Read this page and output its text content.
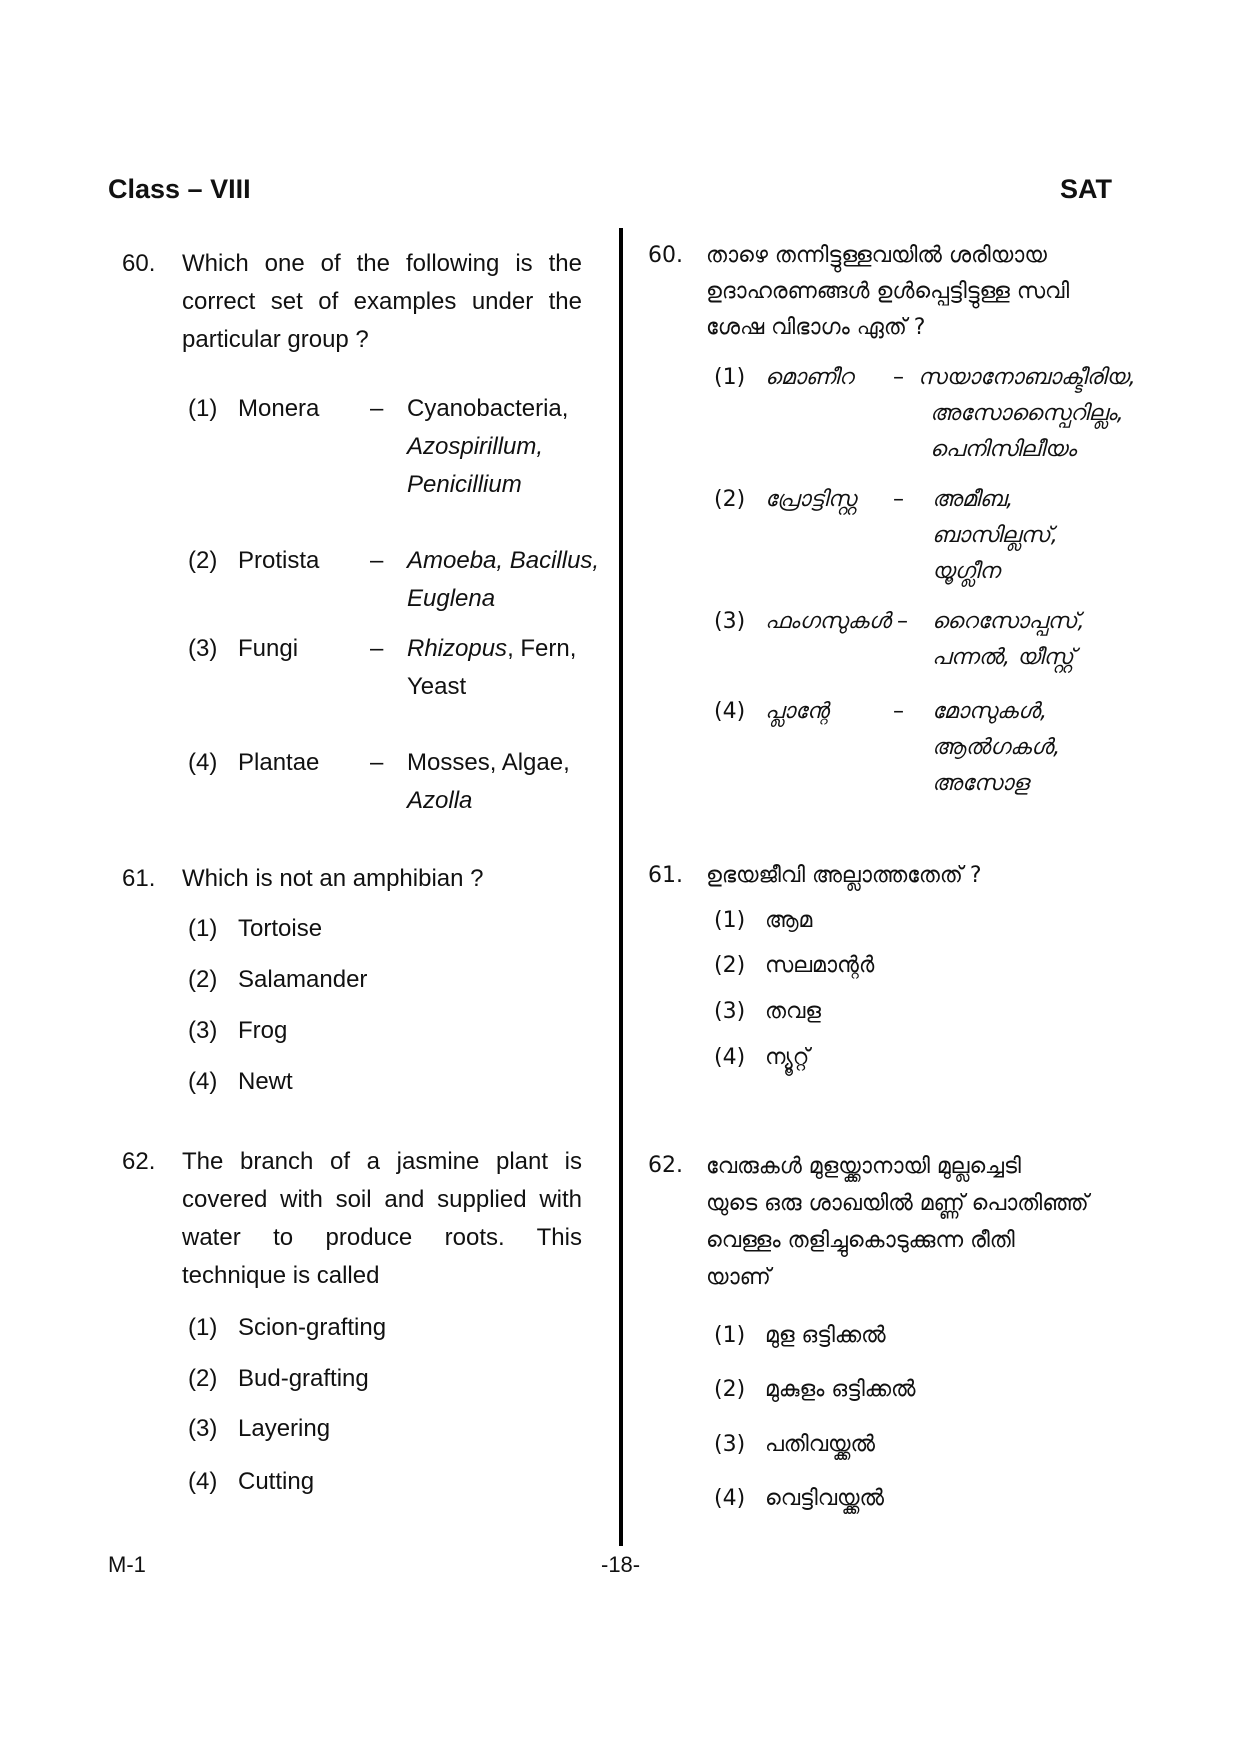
Class – VIII	SAT
60. Which one of the following is the correct set of examples under the particular group ?
(1) Monera – Cyanobacteria,
Azospirillum,
Penicillium
(2) Protista – Amoeba, Bacillus,
Euglena
(3) Fungi	– Rhizopus, Fern,
Yeast
(4) Plantae – Mosses, Algae,
Azolla
61. Which is not an amphibian ?
(1) Tortoise
(2) Salamander
(3) Frog
(4) Newt
62. The branch of a jasmine plant is covered with soil and supplied with water to produce roots. This technique is called
(1) Scion-grafting
(2) Bud-grafting
(3) Layering
(4) Cutting
60. താഴെ തന്നിട്ടുള്ളവയിൽ ശരിയായ
ഉദാഹരണങ്ങൾ ഉൾപ്പെട്ടിട്ടുള്ള സവി
ശേഷ വിഭാഗം ഏത് ?
(1) മൊണീറ – സയാനോബാക്ടീരിയ,
അസോസ്പൈറില്ലം,
പെനിസിലീയം
(2) പ്രോട്ടിസ്റ്റ – അമീബ,
ബാസില്ലസ്,
യൂഗ്ലീന
(3) ഫംഗസുകൾ – റൈസോപ്പസ്,
പന്നൽ, യീസ്റ്റ്
(4) പ്ലാന്റേ	– മോസുകൾ,
ആൽഗകൾ,
അസോള
61. ഉഭയജീവി അല്ലാത്തതേത് ?
(1) ആമ
(2) സലമാന്റർ
(3) തവള
(4) ന്യൂറ്റ്
62. വേരുകൾ മുളയ്ക്കാനായി മുല്ലച്ചെടി
യുടെ ഒരു ശാഖയിൽ മണ്ണ് പൊതിഞ്ഞ്
വെള്ളം തളിച്ചുകൊടുക്കുന്ന രീതി
യാണ്
(1) മുള ഒട്ടിക്കൽ
(2) മുകുളം ഒട്ടിക്കൽ
(3) പതിവയ്ക്കൽ
(4) വെട്ടിവയ്ക്കൽ
M-1	-18-
